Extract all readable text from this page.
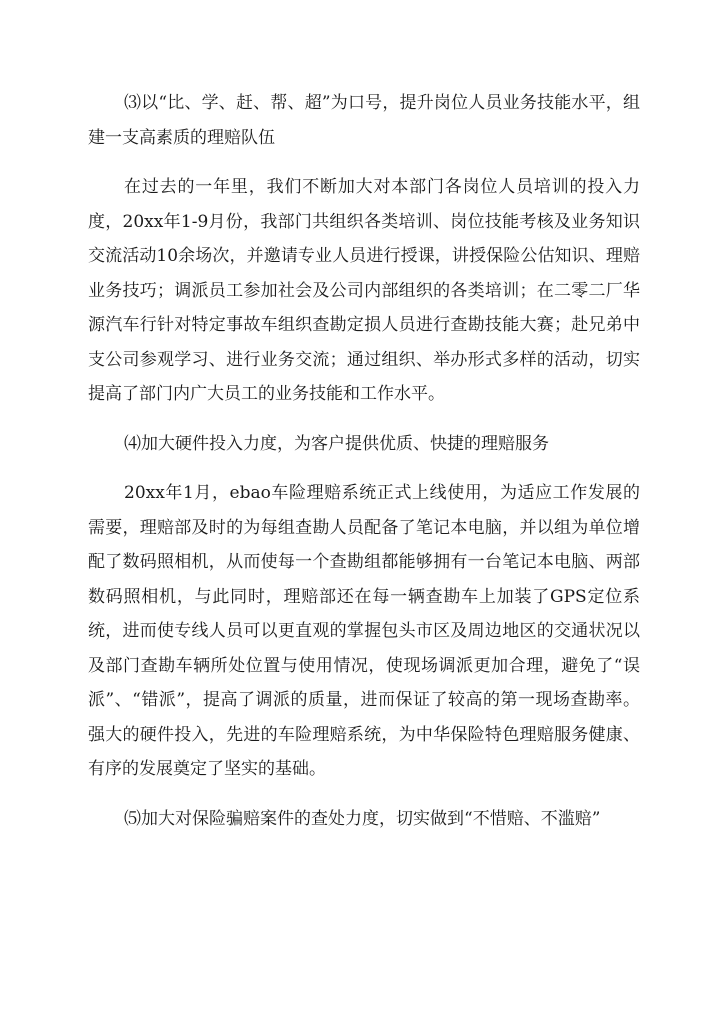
⑶以“比、学、赶、帮、超”为口号，提升岗位人员业务技能水平，组建一支高素质的理赔队伍

在过去的一年里，我们不断加大对本部门各岗位人员培训的投入力度，20xx年1-9月份，我部门共组织各类培训、岗位技能考核及业务知识交流活动10余场次，并邀请专业人员进行授课，讲授保险公估知识、理赔业务技巧；调派员工参加社会及公司内部组织的各类培训；在二零二厂华源汽车行针对特定事故车组织查勘定损人员进行查勘技能大赛；赴兄弟中支公司参观学习、进行业务交流；通过组织、举办形式多样的活动，切实提高了部门内广大员工的业务技能和工作水平。

⑷加大硬件投入力度，为客户提供优质、快捷的理赔服务

20xx年1月，ebao车险理赔系统正式上线使用，为适应工作发展的需要，理赔部及时的为每组查勘人员配备了笔记本电脑，并以组为单位增配了数码照相机，从而使每一个查勘组都能够拥有一台笔记本电脑、两部数码照相机，与此同时，理赔部还在每一辆查勘车上加装了GPS定位系统，进而使专线人员可以更直观的掌握包头市区及周边地区的交通状况以及部门查勘车辆所处位置与使用情况，使现场调派更加合理，避免了“误派”、“错派”，提高了调派的质量，进而保证了较高的第一现场查勘率。强大的硬件投入，先进的车险理赔系统，为中华保险特色理赔服务健康、有序的发展奠定了坚实的基础。

⑸加大对保险骗赔案件的查处力度，切实做到“不惜赔、不滥赔”
